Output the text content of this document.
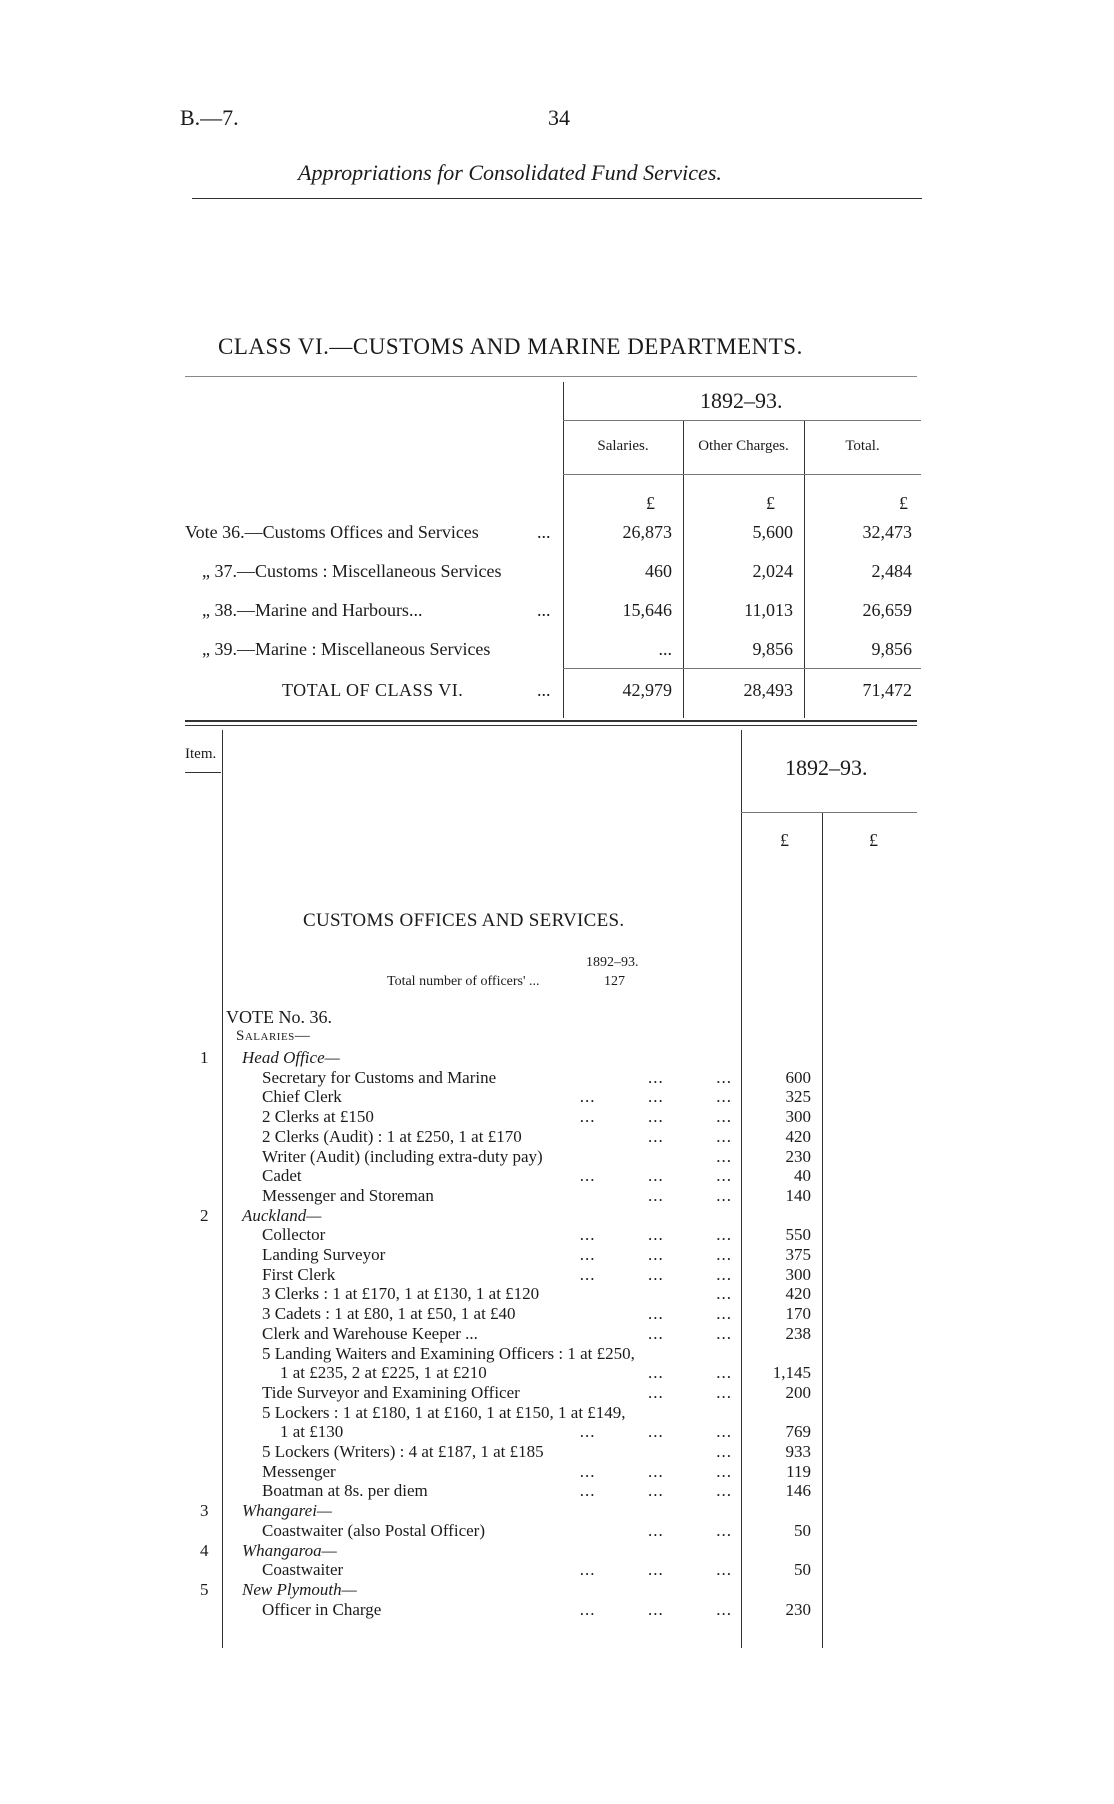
B.—7.	34
Appropriations for Consolidated Fund Services.
CLASS VI.—CUSTOMS AND MARINE DEPARTMENTS.
1892–93.
Salaries.	Other Charges.	Total.
£	£	£
Vote 36.—Customs Offices and Services	...	26,873	5,600	32,473
„ 37.—Customs : Miscellaneous Services	460	2,024	2,484
„ 38.—Marine and Harbours...	...	15,646	11,013	26,659
„ 39.—Marine : Miscellaneous Services	...	9,856	9,856
TOTAL OF CLASS VI.	...	42,979	28,493	71,472
Item.
1892–93.
£	£
CUSTOMS OFFICES AND SERVICES.
1892–93.
Total number of officers' ...	127
VOTE No. 36.
Salaries—
1 Head Office—
Secretary for Customs and Marine	...          ...	600
Chief Clerk	...          ...          ...	325
2 Clerks at £150	...          ...          ...	300
2 Clerks (Audit) : 1 at £250, 1 at £170	...          ...	420
Writer (Audit) (including extra-duty pay)	...	230
Cadet	...          ...          ...	40
Messenger and Storeman	...          ...	140
2 Auckland—
Collector	...          ...          ...	550
Landing Surveyor	...          ...          ...	375
First Clerk	...          ...          ...	300
3 Clerks : 1 at £170, 1 at £130, 1 at £120	...	420
3 Cadets : 1 at £80, 1 at £50, 1 at £40	...          ...	170
Clerk and Warehouse Keeper ...	...          ...	238
5 Landing Waiters and Examining Officers : 1 at £250,
1 at £235, 2 at £225, 1 at £210	...          ...	1,145
Tide Surveyor and Examining Officer	...          ...	200
5 Lockers : 1 at £180, 1 at £160, 1 at £150, 1 at £149,
1 at £130	...          ...          ...	769
5 Lockers (Writers) : 4 at £187, 1 at £185	...	933
Messenger	...          ...          ...	119
Boatman at 8s. per diem	...          ...          ...	146
3 Whangarei—
Coastwaiter (also Postal Officer)	...          ...	50
4 Whangaroa—
Coastwaiter	...          ...          ...	50
5 New Plymouth—
Officer in Charge	...          ...          ...	230
